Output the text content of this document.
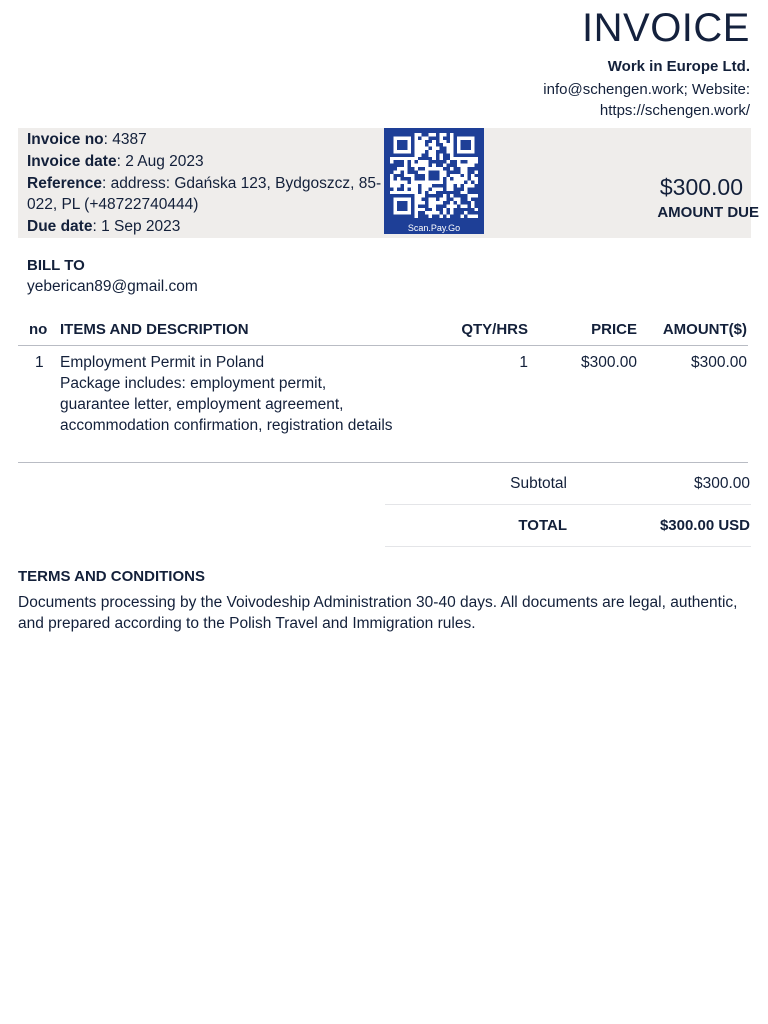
INVOICE
Work in Europe Ltd.
info@schengen.work; Website:
https://schengen.work/
Invoice no: 4387
Invoice date: 2 Aug 2023
Reference: address: Gdańska 123, Bydgoszcz, 85-022, PL (+48722740444)
Due date: 1 Sep 2023	Scan.Pay.Go
$300.00
AMOUNT DUE
BILL TO
yeberican89@gmail.com
no ITEMS AND DESCRIPTION	QTY/HRS	PRICE AMOUNT($)
1 Employment Permit in Poland
Package includes: employment permit, guarantee letter, employment agreement, accommodation confirmation, registration details
1	$300.00	$300.00
Subtotal	$300.00
TOTAL	$300.00 USD
TERMS AND CONDITIONS
Documents processing by the Voivodeship Administration 30-40 days. All documents are legal, authentic, and prepared according to the Polish Travel and Immigration rules.
